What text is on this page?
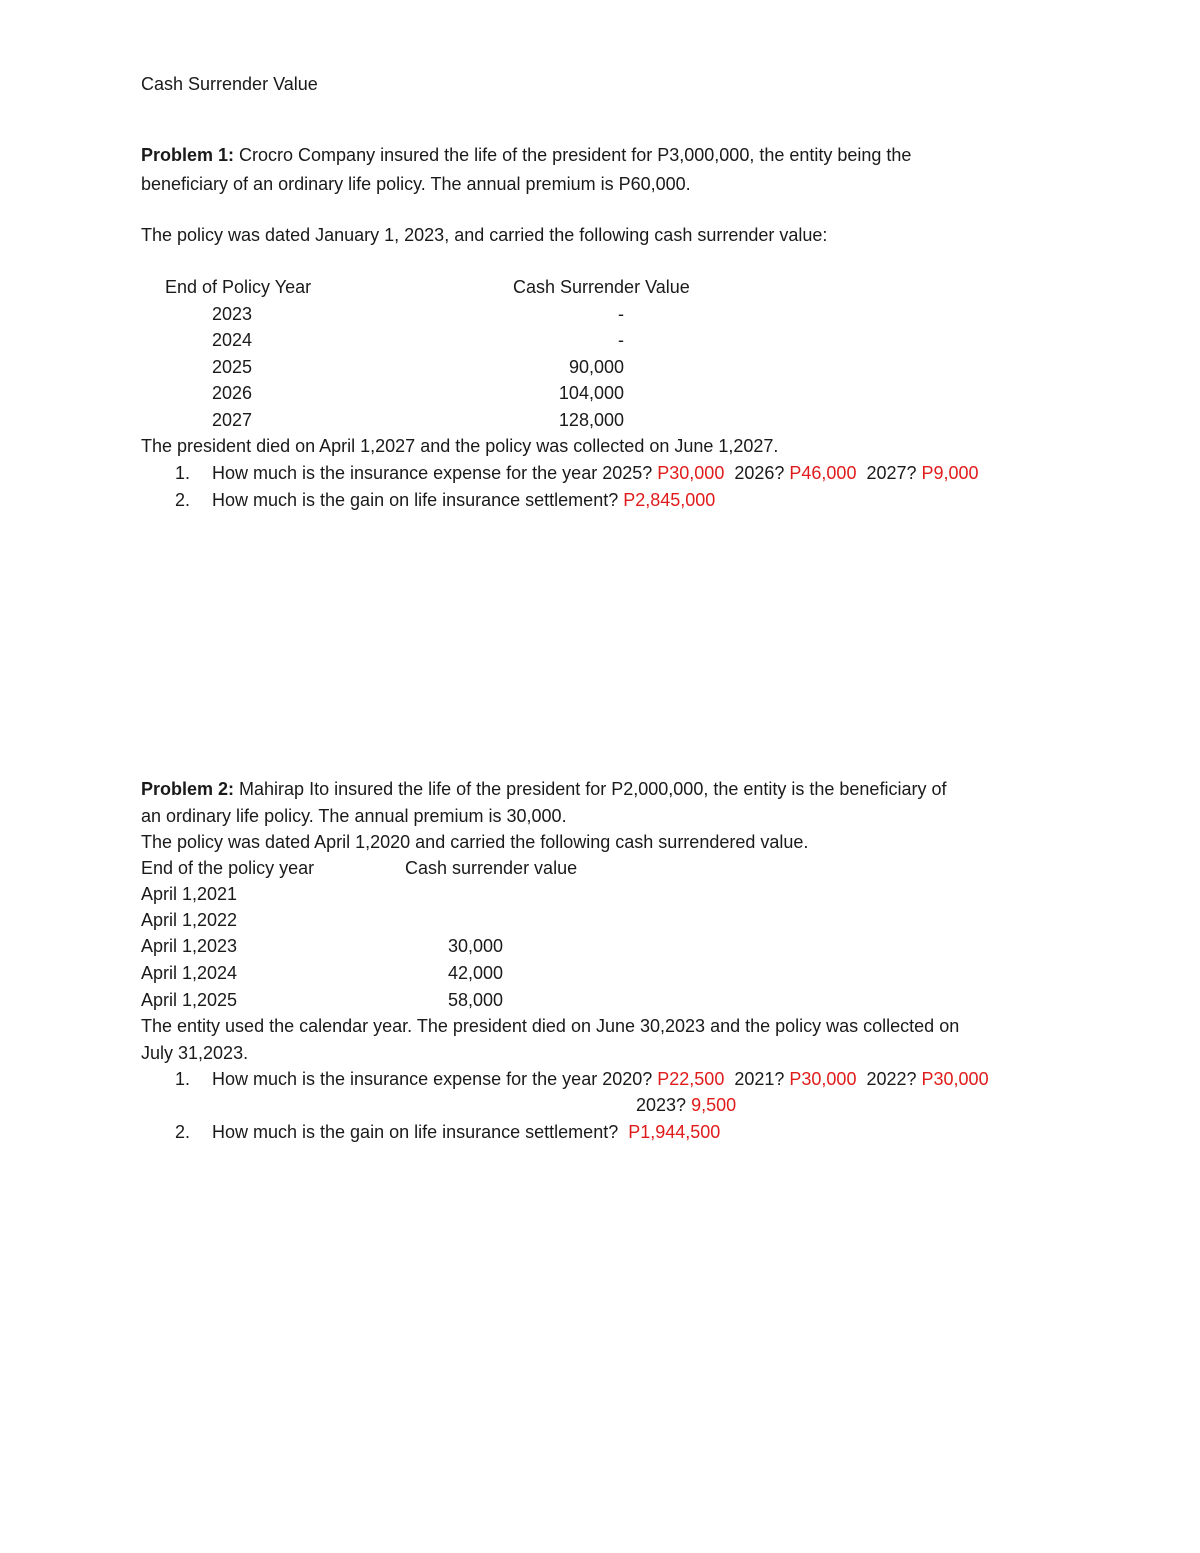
Cash Surrender Value
Problem 1: Crocro Company insured the life of the president for P3,000,000, the entity being the
beneficiary of an ordinary life policy. The annual premium is P60,000.
The policy was dated January 1, 2023, and carried the following cash surrender value:
End of Policy Year	Cash Surrender Value
2023	-
2024	-
2025	90,000
2026	104,000
2027	128,000
The president died on April 1,2027 and the policy was collected on June 1,2027.
1. How much is the insurance expense for the year 2025? P30,000  2026? P46,000  2027? P9,000
2. How much is the gain on life insurance settlement? P2,845,000
Problem 2: Mahirap Ito insured the life of the president for P2,000,000, the entity is the beneficiary of
an ordinary life policy. The annual premium is 30,000.
The policy was dated April 1,2020 and carried the following cash surrendered value.
End of the policy year	Cash surrender value
April 1,2021
April 1,2022
April 1,2023	30,000
April 1,2024	42,000
April 1,2025	58,000
The entity used the calendar year. The president died on June 30,2023 and the policy was collected on
July 31,2023.
1. How much is the insurance expense for the year 2020? P22,500  2021? P30,000  2022? P30,000
2023? 9,500
2. How much is the gain on life insurance settlement?  P1,944,500
